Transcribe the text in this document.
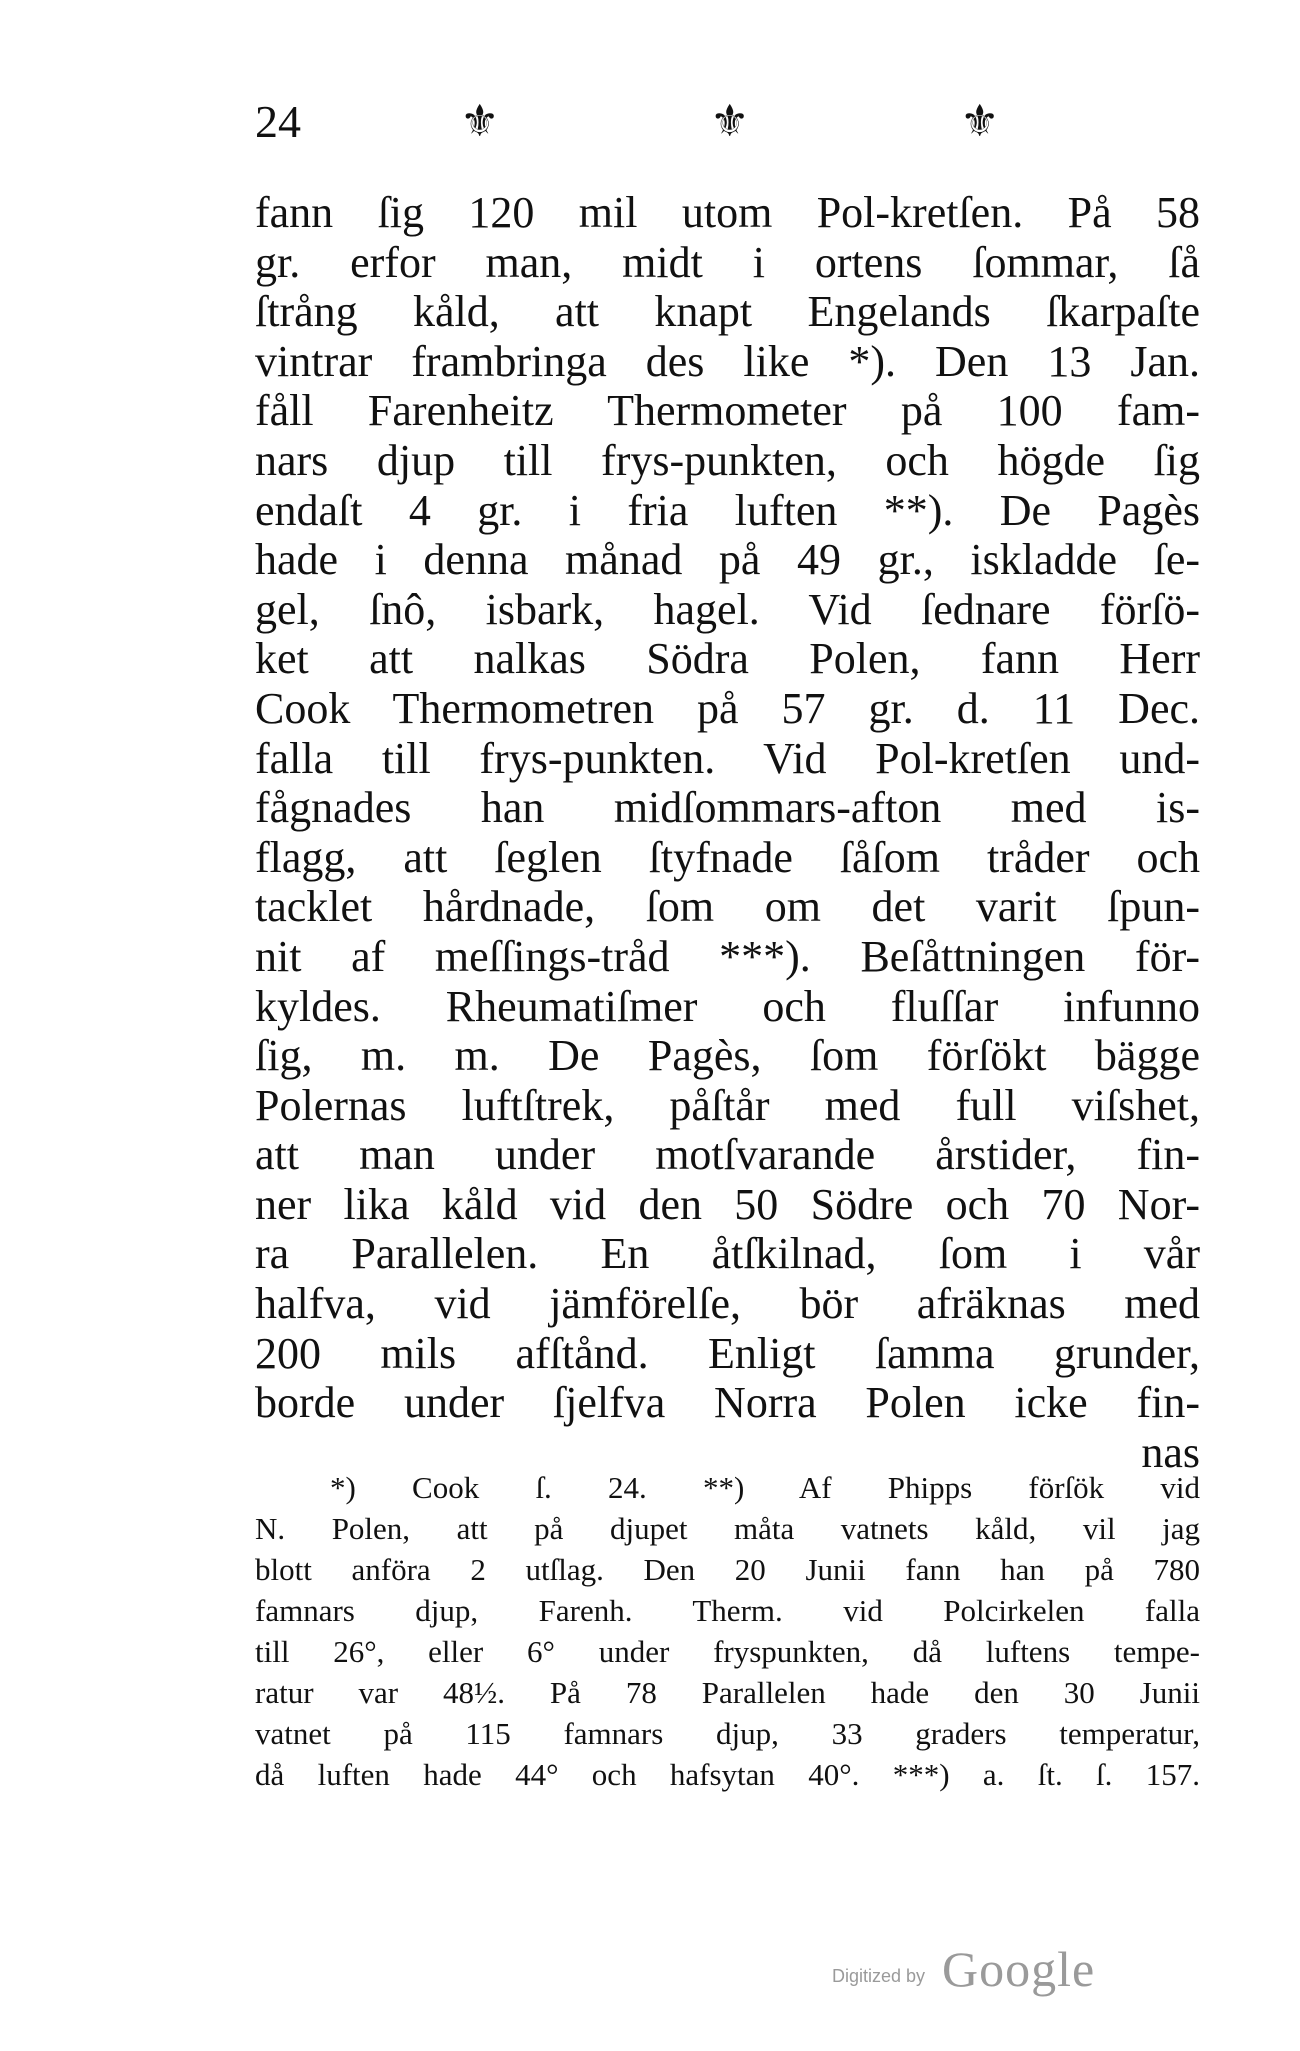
24	⚜	⚜	⚜
fann ſig 120 mil utom Pol-kretſen. På 58
gr. erfor man, midt i ortens ſommar, ſå
ſtrång kåld, att knapt Engelands ſkarpaſte
vintrar frambringa des like *). Den 13 Jan.
fåll Farenheitz Thermometer på 100 fam-
nars djup till frys-punkten, och högde ſig
endaſt 4 gr. i fria luften **). De Pagès
hade i denna månad på 49 gr., iskladde ſe-
gel, ſnô, isbark, hagel. Vid ſednare förſö-
ket att nalkas Södra Polen, fann Herr
Cook Thermometren på 57 gr. d. 11 Dec.
falla till frys-punkten. Vid Pol-kretſen und-
fågnades han midſommars-afton med is-
flagg, att ſeglen ſtyfnade ſåſom tråder och
tacklet hårdnade, ſom om det varit ſpun-
nit af meſſings-tråd ***). Beſåttningen för-
kyldes. Rheumatiſmer och fluſſar infunno
ſig, m. m. De Pagès, ſom förſökt bägge
Polernas luftſtrek, påſtår med full viſshet,
att man under motſvarande årstider, fin-
ner lika kåld vid den 50 Södre och 70 Nor-
ra Parallelen. En åtſkilnad, ſom i vår
halfva, vid jämförelſe, bör afräknas med
200 mils afſtånd. Enligt ſamma grunder,
borde under ſjelfva Norra Polen icke fin-
nas
*) Cook ſ. 24. **) Af Phipps förſök vid
N. Polen, att på djupet måta vatnets kåld, vil jag
blott anföra 2 utſlag. Den 20 Junii fann han på 780
famnars djup, Farenh. Therm. vid Polcirkelen falla
till 26°, eller 6° under fryspunkten, då luftens tempe-
ratur var 48½. På 78 Parallelen hade den 30 Junii
vatnet på 115 famnars djup, 33 graders temperatur,
då luften hade 44° och hafsytan 40°. ***) a. ſt. ſ. 157.
Digitized by Google
